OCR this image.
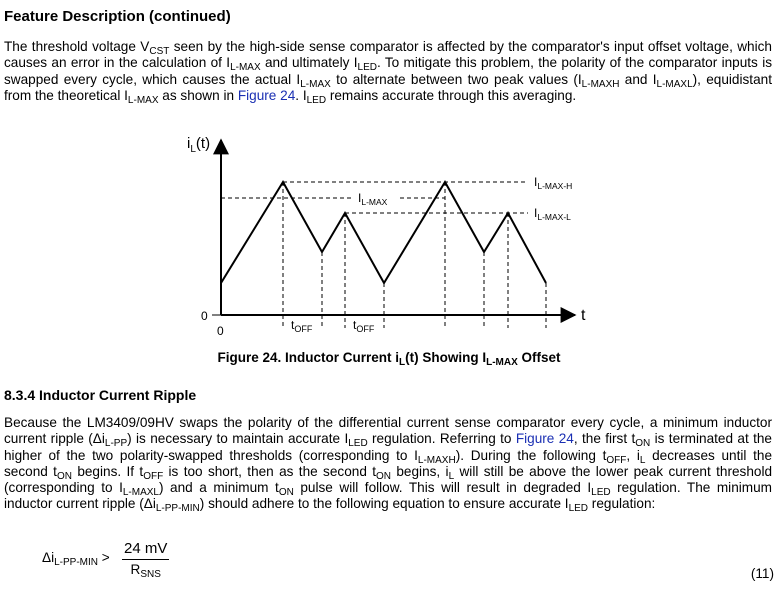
Feature Description (continued)
The threshold voltage $V_{CST}$ seen by the high-side sense comparator is affected by the comparator's input offset voltage, which causes an error in the calculation of $I_{L-MAX}$ and ultimately $I_{LED}$. To mitigate this problem, the polarity of the comparator inputs is swapped every cycle, which causes the actual $I_{L-MAX}$ to alternate between two peak values ($I_{L-MAXH}$ and $I_{L-MAXL}$), equidistant from the theoretical $I_{L-MAX}$ as shown in Figure 24. $I_{LED}$ remains accurate through this averaging.
$i_L(t)$
t
0
0	$t_{OFF}$	$t_{OFF}$
$I_{L-MAX}$
$I_{L-MAX-H}$
$I_{L-MAX-L}$
Figure 24. Inductor Current $i_L(t)$ Showing $I_{L-MAX}$ Offset
8.3.4 Inductor Current Ripple
Because the LM3409/09HV swaps the polarity of the differential current sense comparator every cycle, a minimum inductor current ripple $(\Delta i_{L-PP})$ is necessary to maintain accurate $I_{LED}$ regulation. Referring to Figure 24, the first $t_{ON}$ is terminated at the higher of the two polarity-swapped thresholds (corresponding to $I_{L-MAXH}$). During the following $t_{OFF}$, $i_L$ decreases until the second $t_{ON}$ begins. If $t_{OFF}$ is too short, then as the second $t_{ON}$ begins, $i_L$ will still be above the lower peak current threshold (corresponding to $I_{L-MAXL}$) and a minimum $t_{ON}$ pulse will follow. This will result in degraded $I_{LED}$ regulation. The minimum inductor current ripple $(\Delta i_{L-PP-MIN})$ should adhere to the following equation to ensure accurate $I_{LED}$ regulation:
$\Delta i_{L-PP-MIN}$ >
24 mV
$R_{SNS}$	(11)
